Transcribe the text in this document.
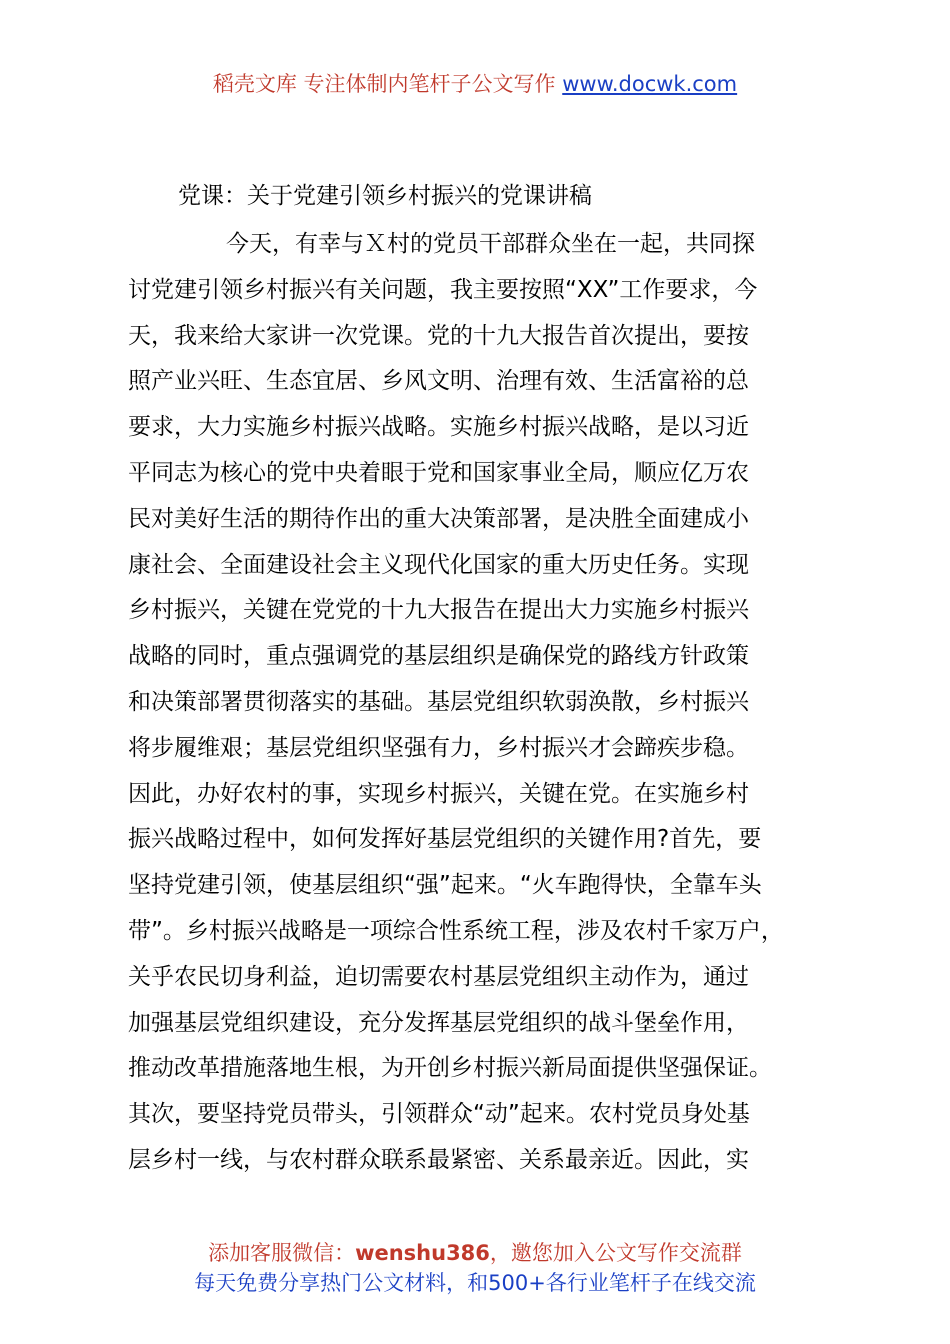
稻壳文库 专注体制内笔杆子公文写作 www.docwk.com
党课：关于党建引领乡村振兴的党课讲稿
今天，有幸与Ｘ村的党员干部群众坐在一起，共同探
讨党建引领乡村振兴有关问题，我主要按照“XX”工作要求，今
天，我来给大家讲一次党课。党的十九大报告首次提出，要按
照产业兴旺、生态宜居、乡风文明、治理有效、生活富裕的总
要求，大力实施乡村振兴战略。实施乡村振兴战略，是以习近
平同志为核心的党中央着眼于党和国家事业全局，顺应亿万农
民对美好生活的期待作出的重大决策部署，是决胜全面建成小
康社会、全面建设社会主义现代化国家的重大历史任务。实现
乡村振兴，关键在党党的十九大报告在提出大力实施乡村振兴
战略的同时，重点强调党的基层组织是确保党的路线方针政策
和决策部署贯彻落实的基础。基层党组织软弱涣散，乡村振兴
将步履维艰；基层党组织坚强有力，乡村振兴才会蹄疾步稳。
因此，办好农村的事，实现乡村振兴，关键在党。在实施乡村
振兴战略过程中，如何发挥好基层党组织的关键作用?首先，要
坚持党建引领，使基层组织“强”起来。“火车跑得快，全靠车头
带”。乡村振兴战略是一项综合性系统工程，涉及农村千家万户，
关乎农民切身利益，迫切需要农村基层党组织主动作为，通过
加强基层党组织建设，充分发挥基层党组织的战斗堡垒作用，
推动改革措施落地生根，为开创乡村振兴新局面提供坚强保证。
其次，要坚持党员带头，引领群众“动”起来。农村党员身处基
层乡村一线，与农村群众联系最紧密、关系最亲近。因此，实
添加客服微信：wenshu386，邀您加入公文写作交流群
每天免费分享热门公文材料，和500+各行业笔杆子在线交流
